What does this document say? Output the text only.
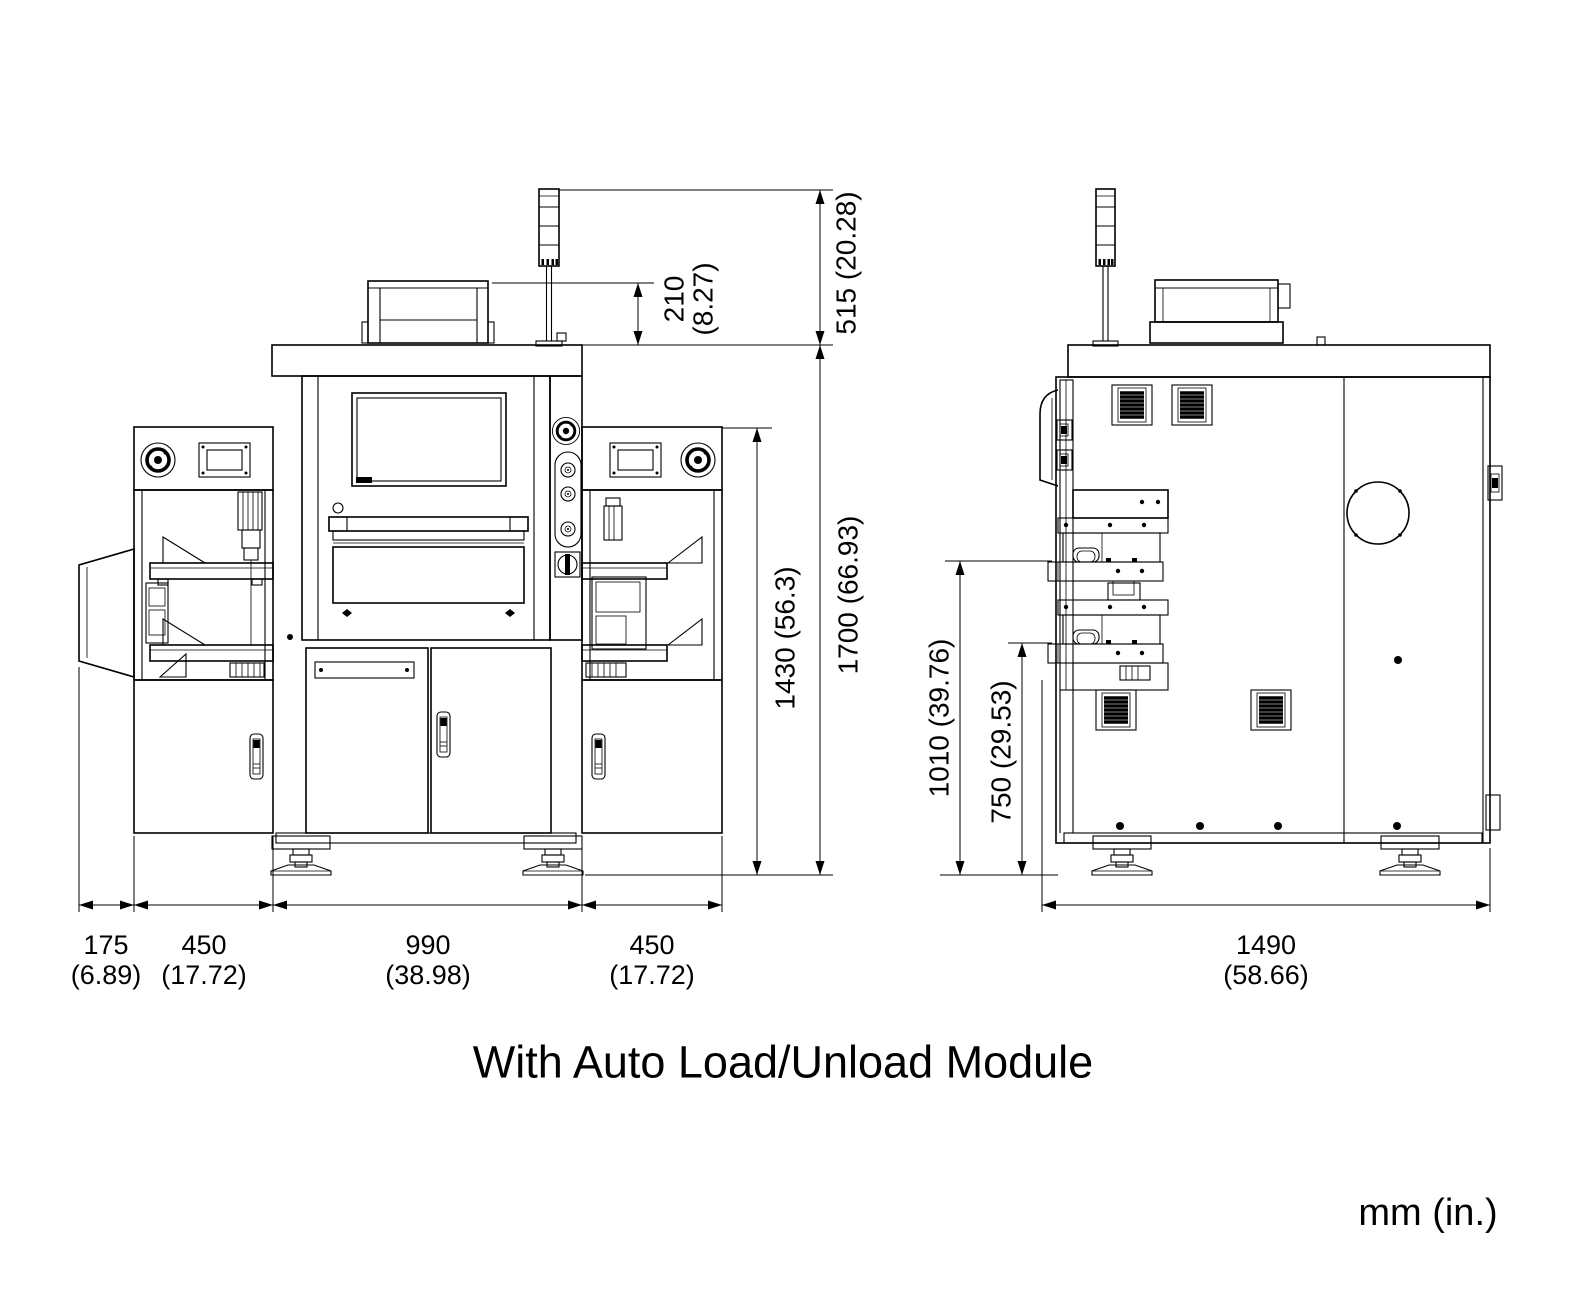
210
(8.27)	515 (20.28)
1430 (56.3) 1700 (66.93)
175
(6.89)
450
(17.72)
990
(38.98)
450
(17.72)
1010 (39.76) 750 (29.53)
1490
(58.66)
With Auto Load/Unload Module
mm (in.)
